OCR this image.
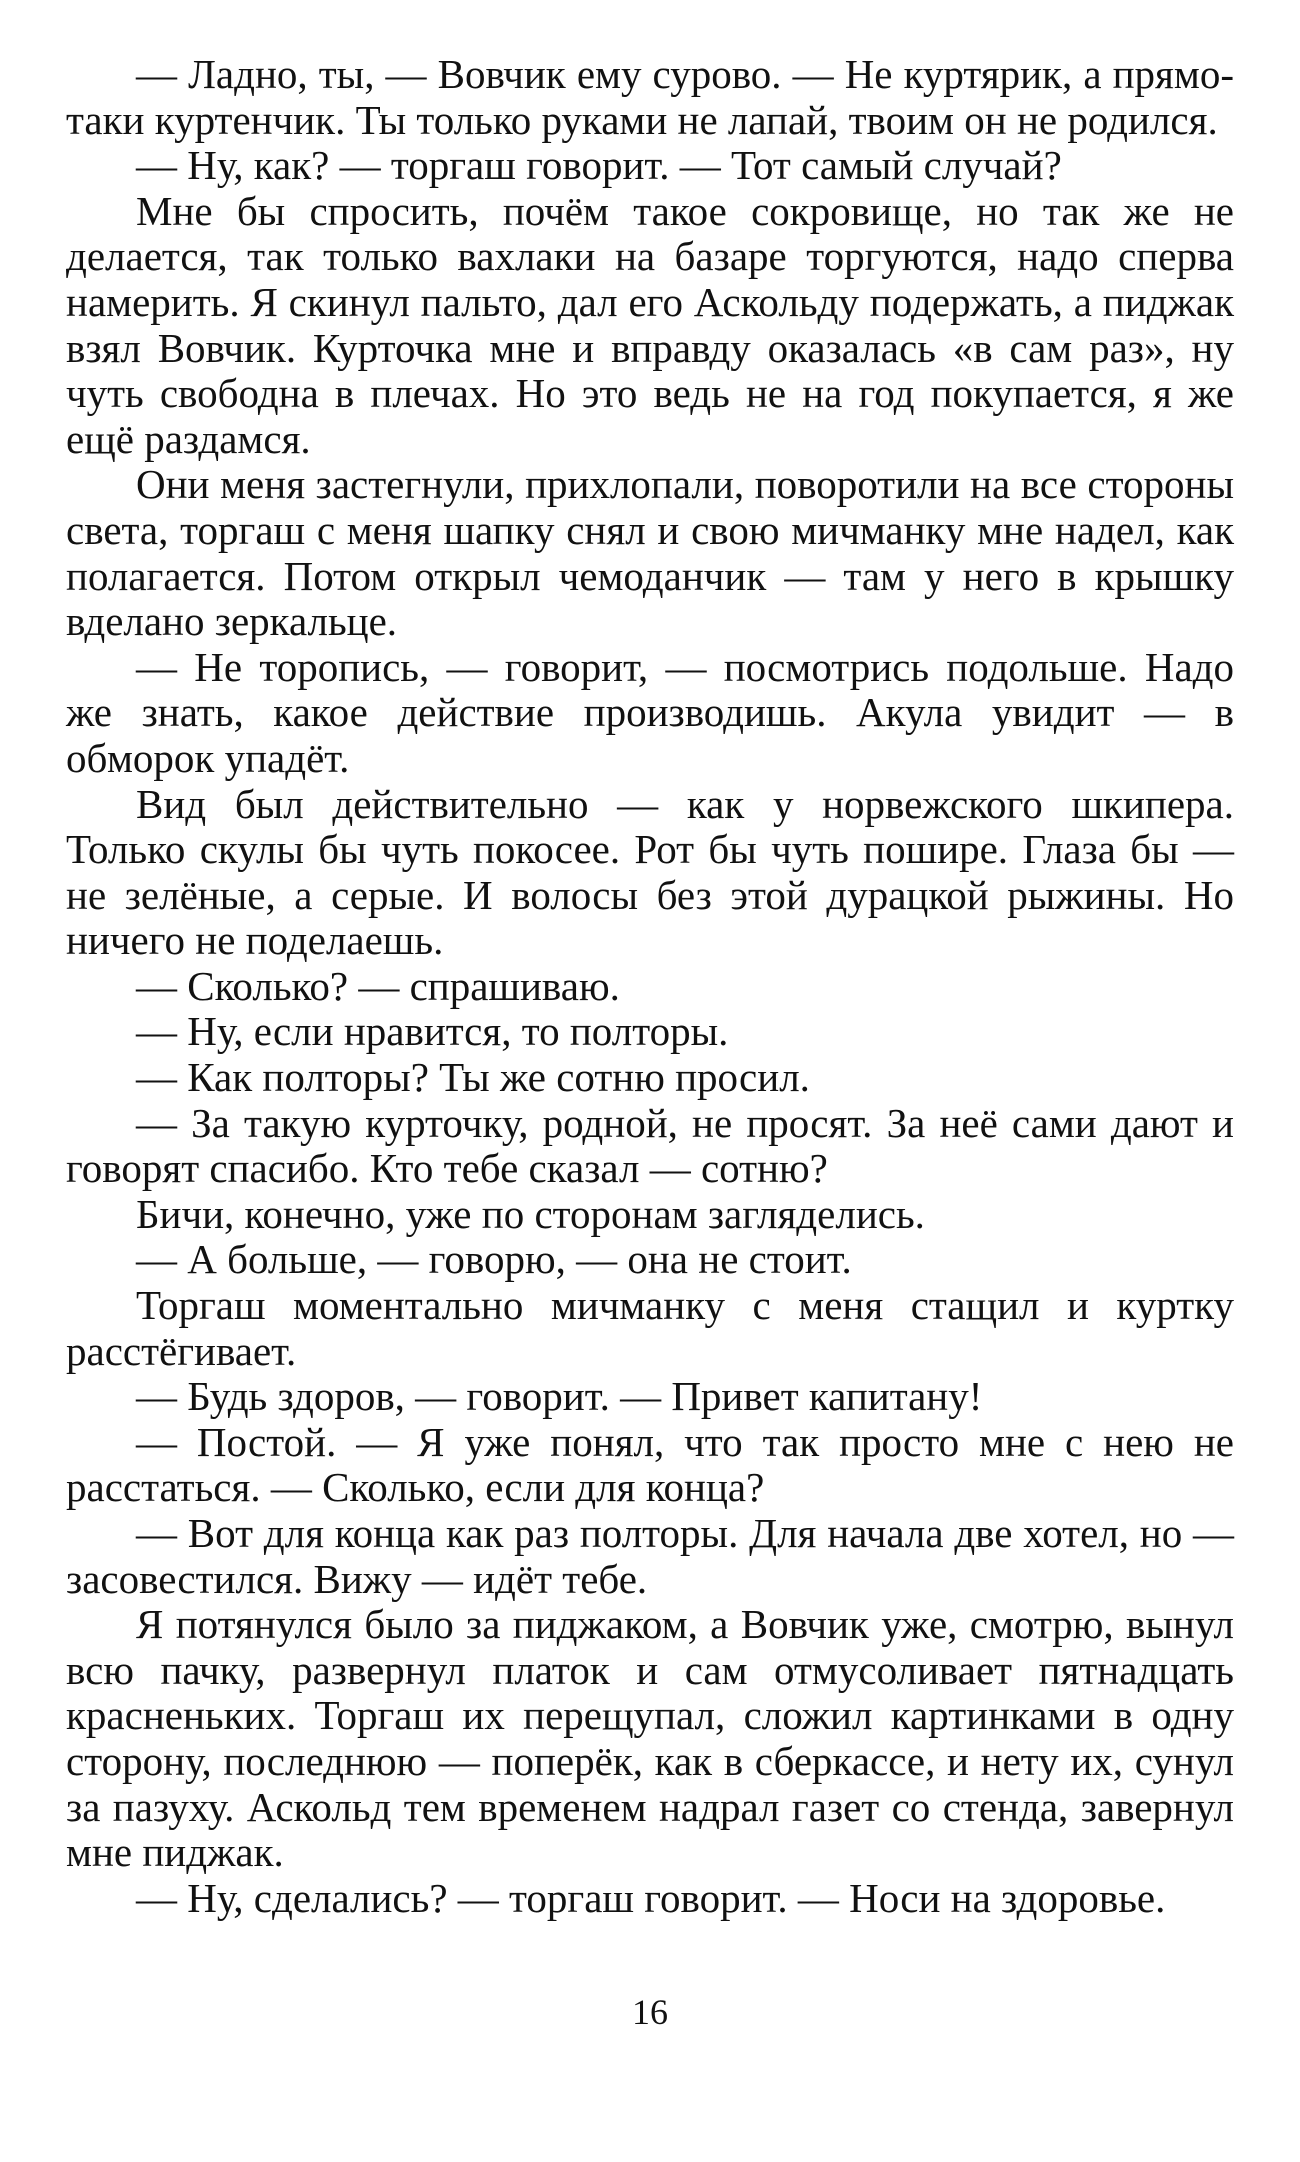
— Ладно, ты, — Вовчик ему сурово. — Не куртярик, а прямо-таки куртенчик. Ты только руками не лапай, твоим он не родился.

— Ну, как? — торгаш говорит. — Тот самый случай?

Мне бы спросить, почём такое сокровище, но так же не делается, так только вахлаки на базаре торгуются, надо сперва намерить. Я скинул пальто, дал его Аскольду подержать, а пиджак взял Вовчик. Курточка мне и вправду оказалась «в сам раз», ну чуть свободна в плечах. Но это ведь не на год покупается, я же ещё раздамся.

Они меня застегнули, прихлопали, поворотили на все стороны света, торгаш с меня шапку снял и свою мичманку мне надел, как полагается. Потом открыл чемоданчик — там у него в крышку вделано зеркальце.

— Не торопись, — говорит, — посмотрись подольше. Надо же знать, какое действие производишь. Акула увидит — в обморок упадёт.

Вид был действительно — как у норвежского шкипера. Только скулы бы чуть покосее. Рот бы чуть пошире. Глаза бы — не зелёные, а серые. И волосы без этой дурацкой рыжины. Но ничего не поделаешь.

— Сколько? — спрашиваю.

— Ну, если нравится, то полторы.

— Как полторы? Ты же сотню просил.

— За такую курточку, родной, не просят. За неё сами дают и говорят спасибо. Кто тебе сказал — сотню?

Бичи, конечно, уже по сторонам загляделись.

— А больше, — говорю, — она не стоит.

Торгаш моментально мичманку с меня стащил и куртку расстёгивает.

— Будь здоров, — говорит. — Привет капитану!

— Постой. — Я уже понял, что так просто мне с нею не расстаться. — Сколько, если для конца?

— Вот для конца как раз полторы. Для начала две хотел, но — засовестился. Вижу — идёт тебе.

Я потянулся было за пиджаком, а Вовчик уже, смотрю, вынул всю пачку, развернул платок и сам отмусоливает пятнадцать красненьких. Торгаш их перещупал, сложил картинками в одну сторону, последнюю — поперёк, как в сберкассе, и нету их, сунул за пазуху. Аскольд тем временем надрал газет со стенда, завернул мне пиджак.

— Ну, сделались? — торгаш говорит. — Носи на здоровье.

16
